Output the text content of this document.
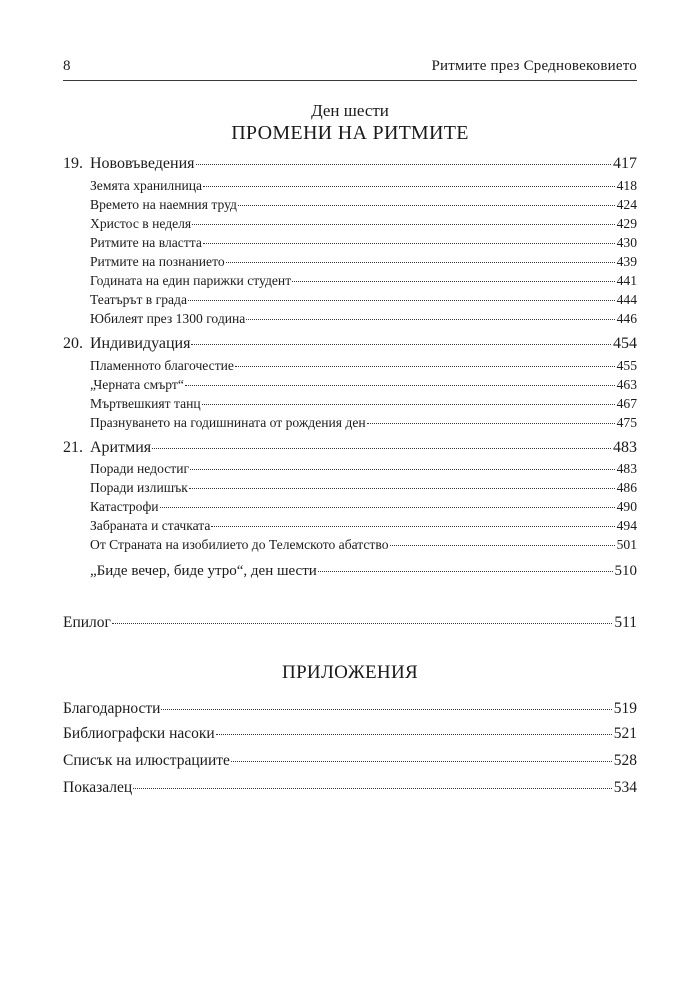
8	Ритмите през Средновековието
Ден шести
ПРОМЕНИ НА РИТМИТЕ
19. Нововъведения	417
Земята хранилница	418
Времето на наемния труд	424
Христос в неделя	429
Ритмите на властта	430
Ритмите на познанието	439
Годината на един парижки студент	441
Театърът в града	444
Юбилеят през 1300 година	446
20. Индивидуация	454
Пламенното благочестие	455
„Черната смърт“	463
Мъртвешкият танц	467
Празнуването на годишнината от рождения ден	475
21. Аритмия	483
Поради недостиг	483
Поради излишък	486
Катастрофи	490
Забраната и стачката	494
От Страната на изобилието до Телемското абатство	501
„Биде вечер, биде утро“, ден шести	510
Епилог	511
ПРИЛОЖЕНИЯ
Благодарности	519
Библиографски насоки	521
Списък на илюстрациите	528
Показалец	534
